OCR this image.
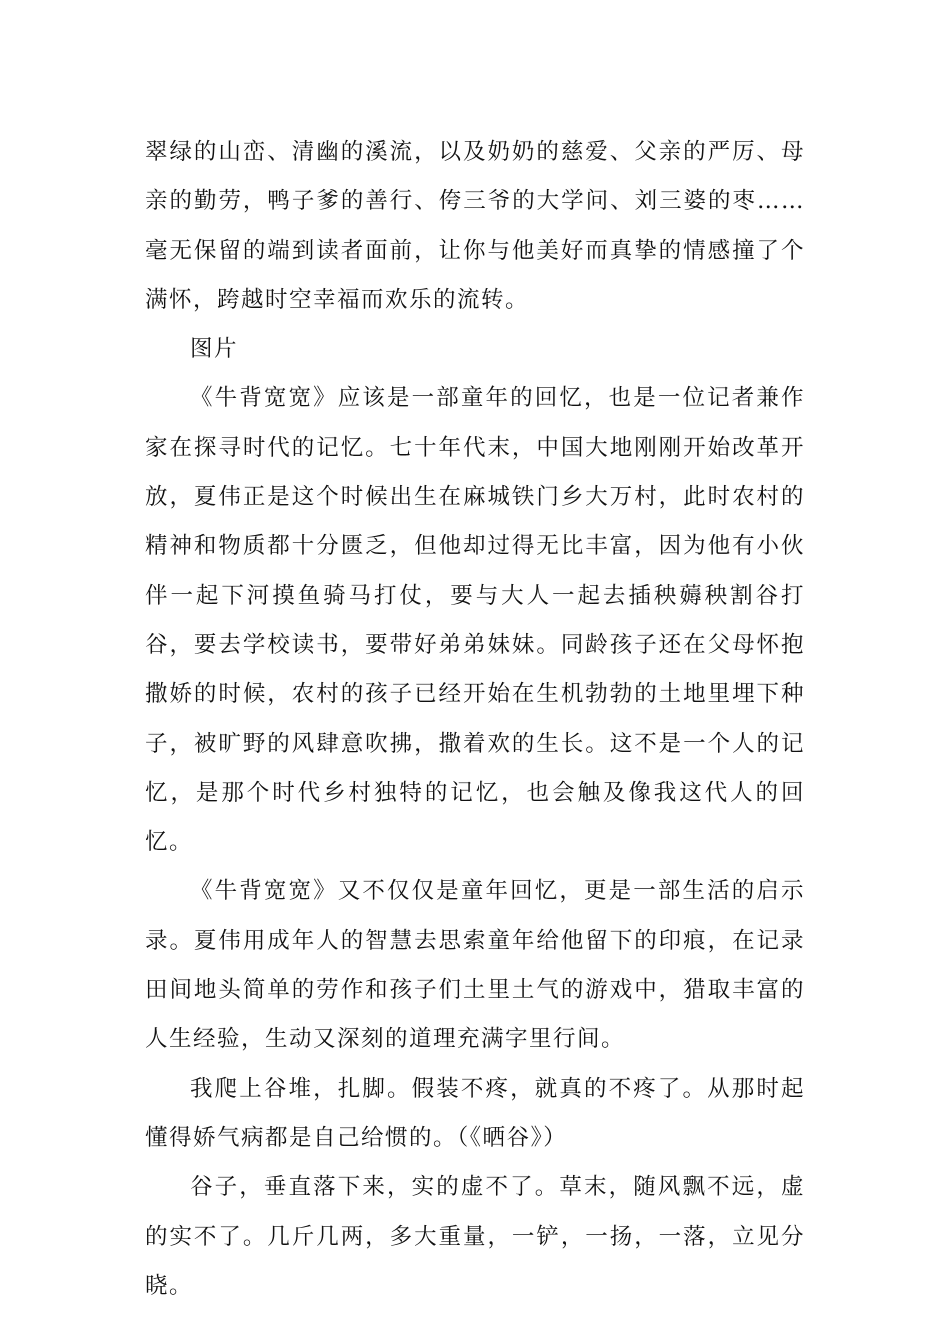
翠绿的山峦、清幽的溪流，以及奶奶的慈爱、父亲的严厉、母亲的勤劳，鸭子爹的善行、侉三爷的大学问、刘三婆的枣……毫无保留的端到读者面前，让你与他美好而真挚的情感撞了个满怀，跨越时空幸福而欢乐的流转。

图片

《牛背宽宽》应该是一部童年的回忆，也是一位记者兼作家在探寻时代的记忆。七十年代末，中国大地刚刚开始改革开放，夏伟正是这个时候出生在麻城铁门乡大万村，此时农村的精神和物质都十分匮乏，但他却过得无比丰富，因为他有小伙伴一起下河摸鱼骑马打仗，要与大人一起去插秧薅秧割谷打谷，要去学校读书，要带好弟弟妹妹。同龄孩子还在父母怀抱撒娇的时候，农村的孩子已经开始在生机勃勃的土地里埋下种子，被旷野的风肆意吹拂，撒着欢的生长。这不是一个人的记忆，是那个时代乡村独特的记忆，也会触及像我这代人的回忆。

《牛背宽宽》又不仅仅是童年回忆，更是一部生活的启示录。夏伟用成年人的智慧去思索童年给他留下的印痕，在记录田间地头简单的劳作和孩子们土里土气的游戏中，猎取丰富的人生经验，生动又深刻的道理充满字里行间。

我爬上谷堆，扎脚。假装不疼，就真的不疼了。从那时起懂得娇气病都是自己给惯的。（《晒谷》）

谷子，垂直落下来，实的虚不了。草末，随风飘不远，虚的实不了。几斤几两，多大重量，一铲，一扬，一落，立见分晓。
